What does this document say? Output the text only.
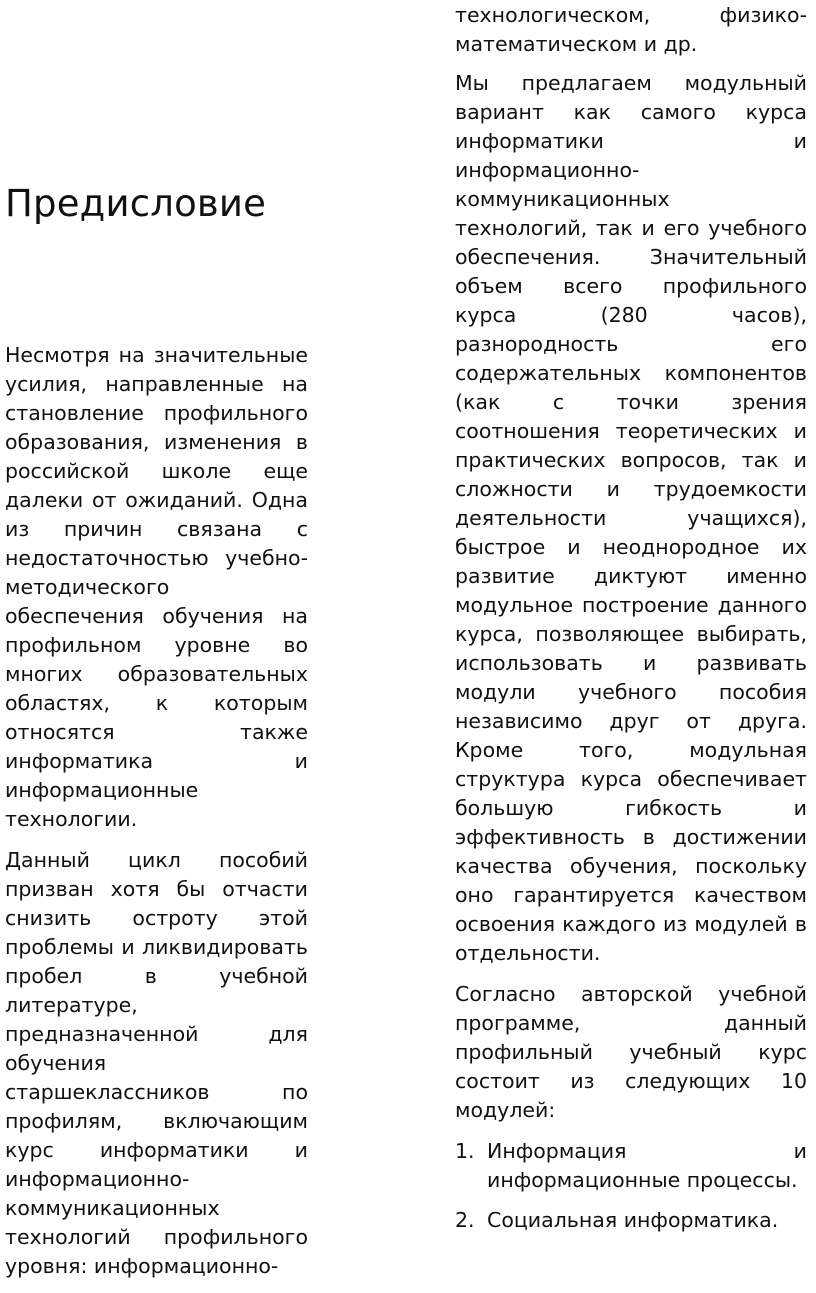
Предисловие

Несмотря на значительные усилия, направленные на становление профильного образования, изменения в российской школе еще далеки от ожиданий. Одна из причин связана с недостаточностью учебно-методического обеспечения обучения на профильном уровне во многих образовательных областях, к которым относятся также информатика и информационные технологии.

Данный цикл пособий призван хотя бы отчасти снизить остроту этой проблемы и ликвидировать пробел в учебной литературе, предназначенной для обучения старшеклассников по профилям, включающим курс информатики и информационно-коммуникационных технологий профильного уровня: информационно-

технологическом, физико-математическом и др.

Мы предлагаем модульный вариант как самого курса информатики и информационно-коммуникационных технологий, так и его учебного обеспечения. Значительный объем всего профильного курса (280 часов), разнородность его содержательных компонентов (как с точки зрения соотношения теоретических и практических вопросов, так и сложности и трудоемкости деятельности учащихся), быстрое и неоднородное их развитие диктуют именно модульное построение данного курса, позволяющее выбирать, использовать и развивать модули учебного пособия независимо друг от друга. Кроме того, модульная структура курса обеспечивает большую гибкость и эффективность в достижении качества обучения, поскольку оно гарантируется качеством освоения каждого из модулей в отдельности.

Согласно авторской учебной программе, данный профильный учебный курс состоит из следующих 10 модулей:

1. Информация и информационные процессы.
2. Социальная информатика.
